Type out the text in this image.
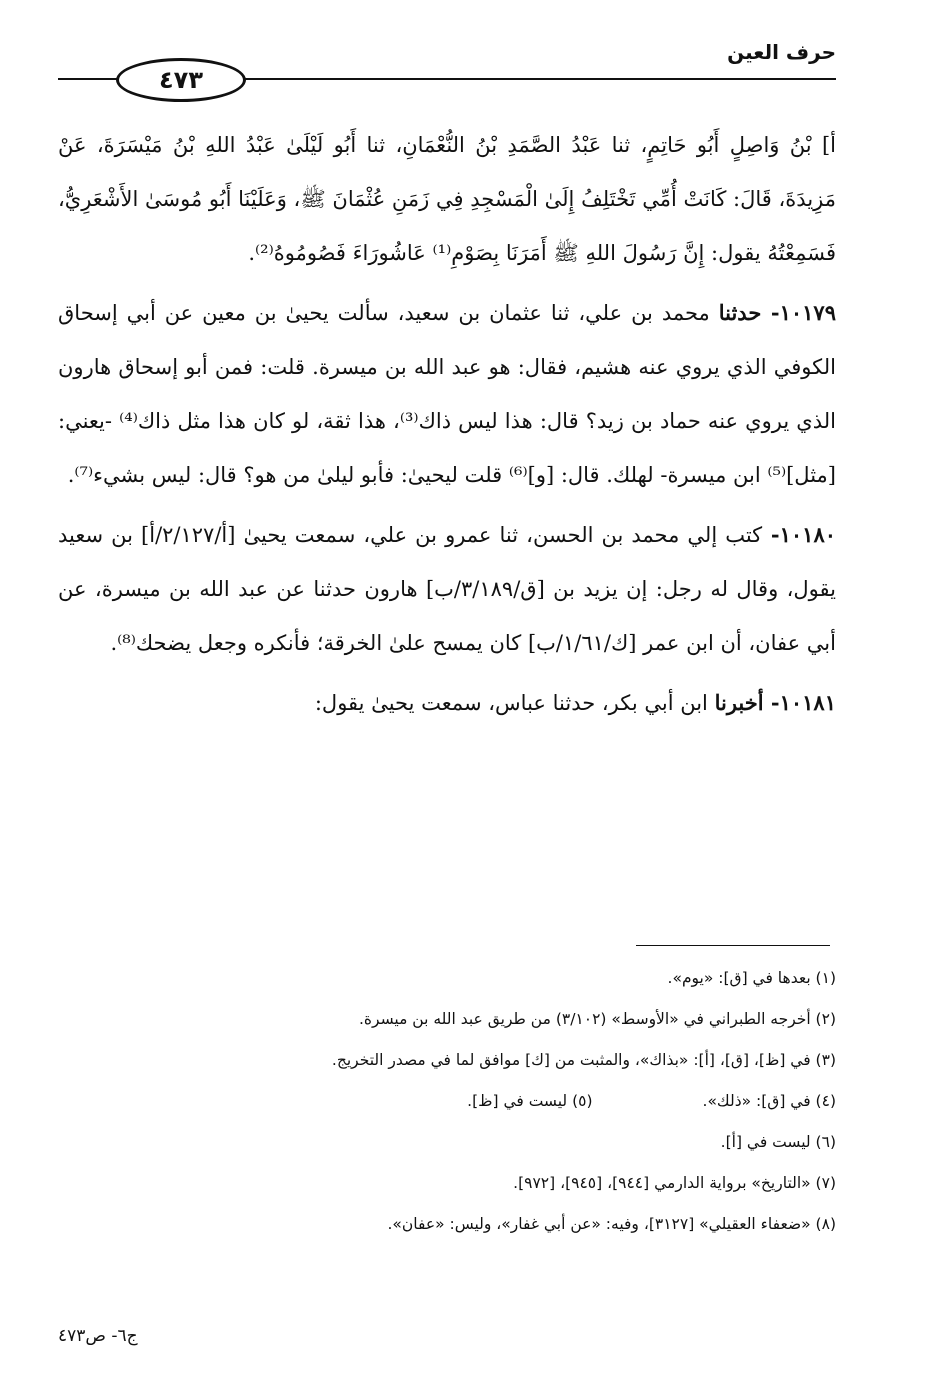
حرف العين
٤٧٣

أ] بْنُ وَاصِلٍ أَبُو حَاتِمٍ، ثنا عَبْدُ الصَّمَدِ بْنُ النُّعْمَانِ، ثنا أَبُو لَيْلَىٰ عَبْدُ اللهِ بْنُ مَيْسَرَةَ، عَنْ مَزِيدَةَ، قَالَ: كَانَتْ أُمِّي تَخْتَلِفُ إِلَىٰ الْمَسْجِدِ فِي زَمَنِ عُثْمَانَ ﷺ، وَعَلَيْنَا أَبُو مُوسَىٰ الأَشْعَرِيُّ، فَسَمِعْتُهُ يقول: إِنَّ رَسُولَ اللهِ ﷺ أَمَرَنَا بِصَوْمِ⁽¹⁾ عَاشُورَاءَ فَصُومُوهُ⁽²⁾.

١٠١٧٩- حدثنا محمد بن علي، ثنا عثمان بن سعيد، سألت يحيىٰ بن معين عن أبي إسحاق الكوفي الذي يروي عنه هشيم، فقال: هو عبد الله بن ميسرة. قلت: فمن أبو إسحاق هارون الذي يروي عنه حماد بن زيد؟ قال: هذا ليس ذاك⁽³⁾، هذا ثقة، لو كان هذا مثل ذاك⁽⁴⁾ -يعني: [مثل]⁽⁵⁾ ابن ميسرة- لهلك. قال: [و]⁽⁶⁾ قلت ليحيىٰ: فأبو ليلىٰ من هو؟ قال: ليس بشيء⁽⁷⁾.

١٠١٨٠- كتب إلي محمد بن الحسن، ثنا عمرو بن علي، سمعت يحيىٰ [أ/٢/١٢٧/أ] بن سعيد يقول، وقال له رجل: إن يزيد بن [ق/٣/١٨٩/ب] هارون حدثنا عن عبد الله بن ميسرة، عن أبي عفان، أن ابن عمر [ك/١/٦١/ب] كان يمسح علىٰ الخرقة؛ فأنكره وجعل يضحك⁽⁸⁾.

١٠١٨١- أخبرنا ابن أبي بكر، حدثنا عباس، سمعت يحيىٰ يقول:

(١) بعدها في [ق]: «يوم».
(٢) أخرجه الطبراني في «الأوسط» (٣/١٠٢) من طريق عبد الله بن ميسرة.
(٣) في [ظ]، [ق]، [أ]: «بذاك»، والمثبت من [ك] موافق لما في مصدر التخريج.
(٤) في [ق]: «ذلك».(٥) ليست في [ظ].
(٦) ليست في [أ].
(٧) «التاريخ» برواية الدارمي [٩٤٤]، [٩٤٥]، [٩٧٢].
(٨) «ضعفاء العقيلي» [٣١٢٧]، وفيه: «عن أبي غفار»، وليس: «عفان».
ج٦- ص٤٧٣
